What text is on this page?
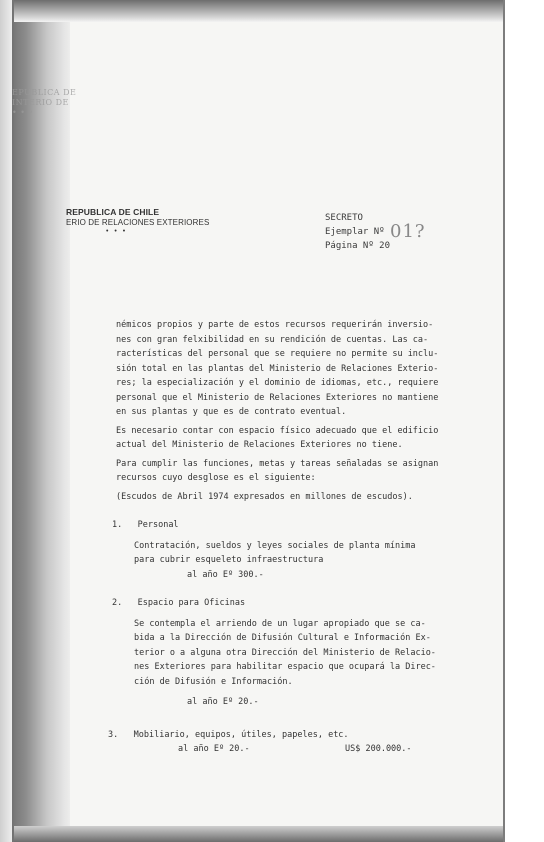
EPUBLICA DE
INTERIO DE
• • •
REPUBLICA DE CHILE
ERIO DE RELACIONES EXTERIORES
• • •
SECRETO
Ejemplar Nº 01?
Página Nº 20

némicos propios y parte de estos recursos requerirán inversio-

nes con gran felxibilidad en su rendición de cuentas. Las ca-

racterísticas del personal que se requiere no permite su inclu-

sión total en las plantas del Ministerio de Relaciones Exterio-

res; la especialización y el dominio de idiomas, etc., requiere

personal que el Ministerio de Relaciones Exteriores no mantiene

en sus plantas y que es de contrato eventual.

Es necesario contar con espacio físico adecuado que el edificio

actual del Ministerio de Relaciones Exteriores no tiene.

Para cumplir las funciones, metas y tareas señaladas se asignan

recursos cuyo desglose es el siguiente:

(Escudos de Abril 1974 expresados en millones de escudos).

1. Personal

Contratación, sueldos y leyes sociales de planta mínima

para cubrir esqueleto infraestructura

al año Eº 300.-

2. Espacio para Oficinas

Se contempla el arriendo de un lugar apropiado que se ca-

bida a la Dirección de Difusión Cultural e Información Ex-

terior o a alguna otra Dirección del Ministerio de Relacio-

nes Exteriores para habilitar espacio que ocupará la Direc-

ción de Difusión e Información.

al año Eº 20.-

3. Mobiliario, equipos, útiles, papeles, etc.

al año Eº 20.-	US$ 200.000.-
